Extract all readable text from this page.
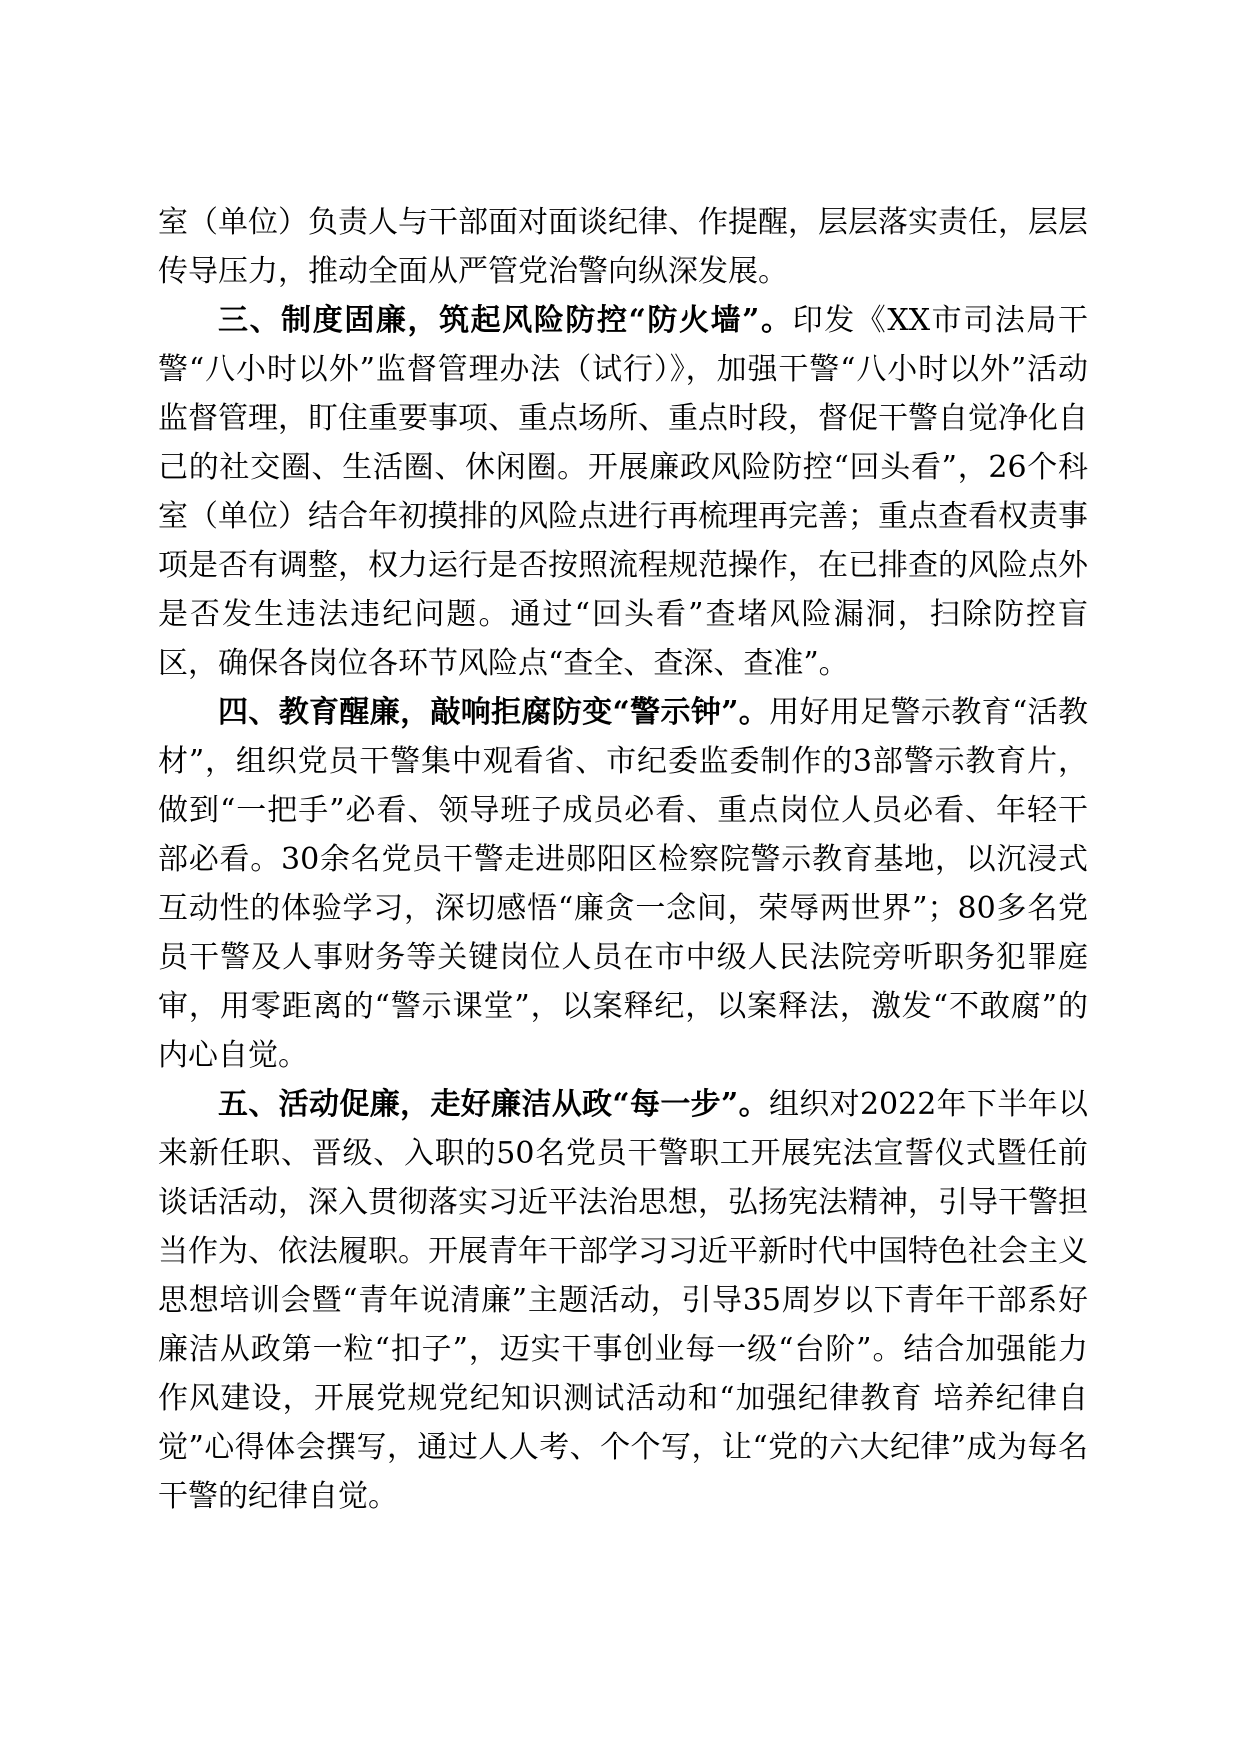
室（单位）负责人与干部面对面谈纪律、作提醒，层层落实责任，层层传导压力，推动全面从严管党治警向纵深发展。

三、制度固廉，筑起风险防控“防火墙”。印发《XX市司法局干警“八小时以外”监督管理办法（试行）》，加强干警“八小时以外”活动监督管理，盯住重要事项、重点场所、重点时段，督促干警自觉净化自己的社交圈、生活圈、休闲圈。开展廉政风险防控“回头看”，26个科室（单位）结合年初摸排的风险点进行再梳理再完善；重点查看权责事项是否有调整，权力运行是否按照流程规范操作，在已排查的风险点外是否发生违法违纪问题。通过“回头看”查堵风险漏洞，扫除防控盲区，确保各岗位各环节风险点“查全、查深、查准”。

四、教育醒廉，敲响拒腐防变“警示钟”。用好用足警示教育“活教材”，组织党员干警集中观看省、市纪委监委制作的3部警示教育片，做到“一把手”必看、领导班子成员必看、重点岗位人员必看、年轻干部必看。30余名党员干警走进郧阳区检察院警示教育基地，以沉浸式互动性的体验学习，深切感悟“廉贪一念间，荣辱两世界”；80多名党员干警及人事财务等关键岗位人员在市中级人民法院旁听职务犯罪庭审，用零距离的“警示课堂”，以案释纪，以案释法，激发“不敢腐”的内心自觉。

五、活动促廉，走好廉洁从政“每一步”。组织对2022年下半年以来新任职、晋级、入职的50名党员干警职工开展宪法宣誓仪式暨任前谈话活动，深入贯彻落实习近平法治思想，弘扬宪法精神，引导干警担当作为、依法履职。开展青年干部学习习近平新时代中国特色社会主义思想培训会暨“青年说清廉”主题活动，引导35周岁以下青年干部系好廉洁从政第一粒“扣子”，迈实干事创业每一级“台阶”。结合加强能力作风建设，开展党规党纪知识测试活动和“加强纪律教育 培养纪律自觉”心得体会撰写，通过人人考、个个写，让“党的六大纪律”成为每名干警的纪律自觉。
